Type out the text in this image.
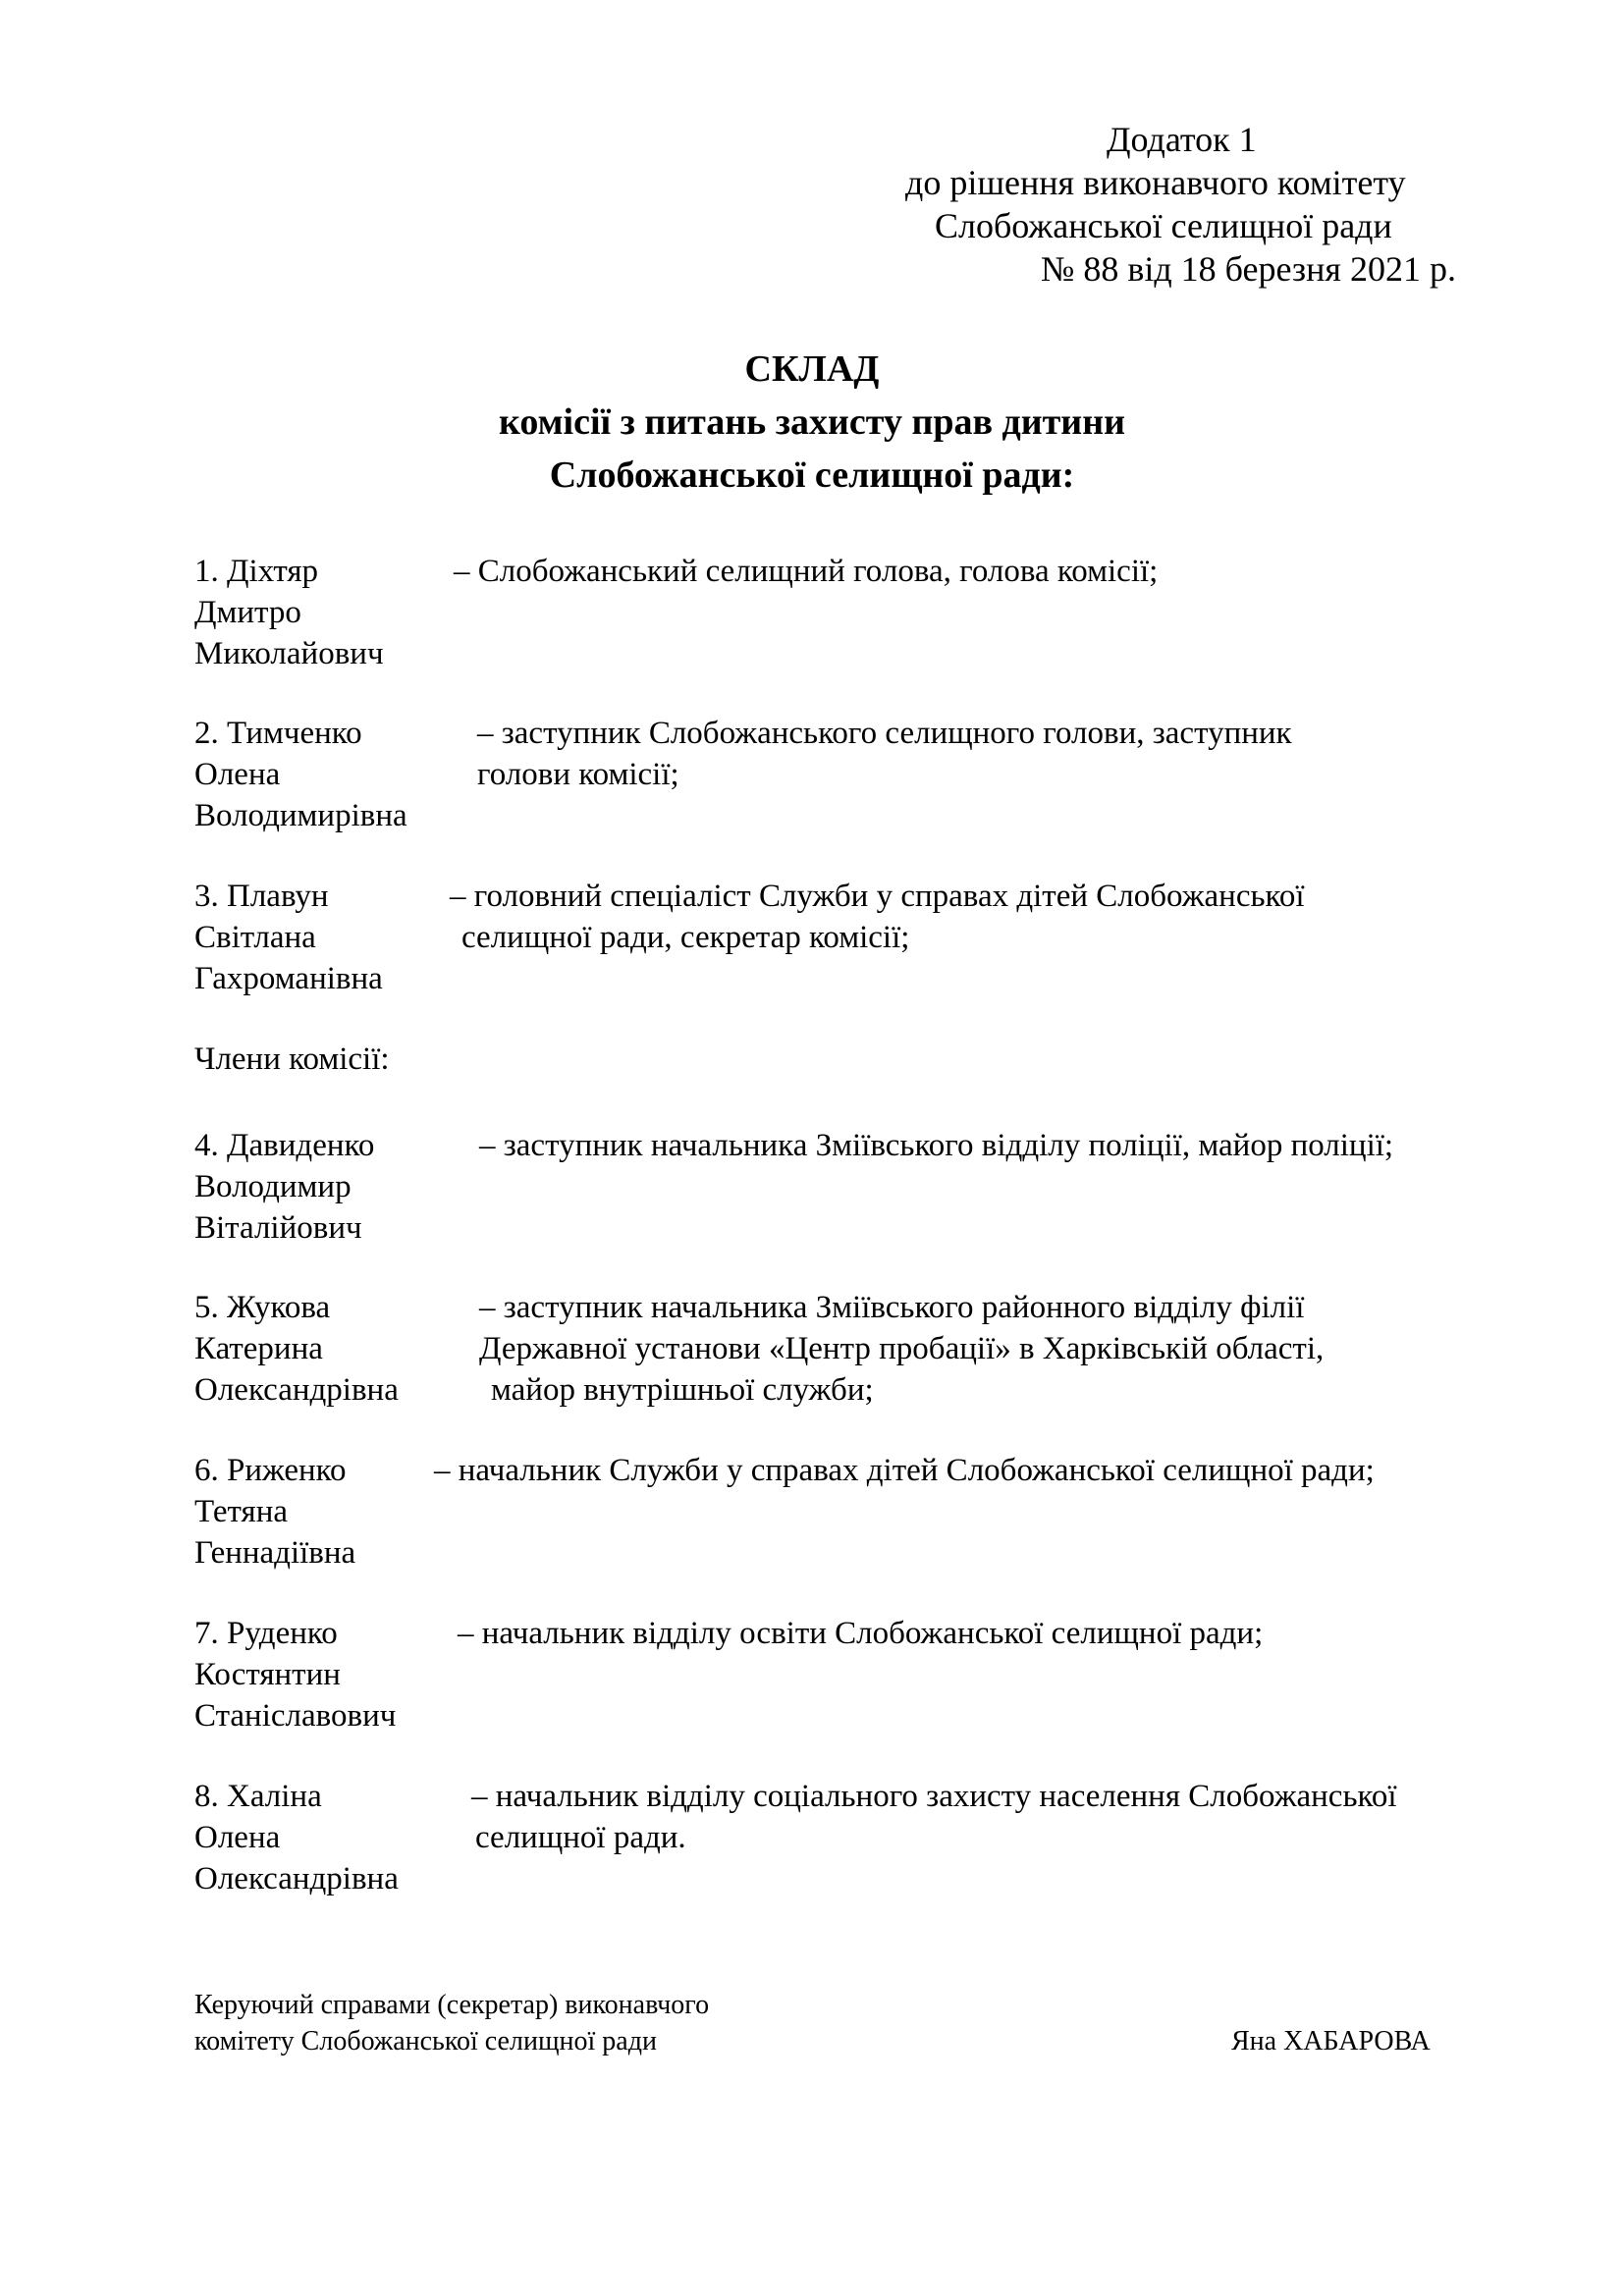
Додаток 1
до рішення виконавчого комітету
Слобожанської селищної ради
№ 88 від 18 березня 2021 р.
СКЛАД
комісії з питань захисту прав дитини
Слобожанської селищної ради:
1. Діхтяр
Дмитро
Миколайович
– Слобожанський селищний голова, голова комісії;
2. Тимченко
Олена
Володимирівна
– заступник Слобожанського селищного голови, заступник
голови комісії;
3. Плавун
Світлана
Гахроманівна
– головний спеціаліст Служби у справах дітей Слобожанської
селищної ради, секретар комісії;
Члени комісії:
4. Давиденко
Володимир
Віталійович
– заступник начальника Зміївського відділу поліції, майор поліції;
5. Жукова
Катерина
Олександрівна
– заступник начальника Зміївського районного відділу філії
Державної установи «Центр пробації» в Харківській області,
майор внутрішньої служби;
6. Риженко
Тетяна
Геннадіївна
– начальник Служби у справах дітей Слобожанської селищної ради;
7. Руденко
Костянтин
Станіславович
– начальник відділу освіти Слобожанської селищної ради;
8. Халіна
Олена
Олександрівна
– начальник відділу соціального захисту населення Слобожанської
селищної ради.
Керуючий справами (секретар) виконавчого
комітету Слобожанської селищної ради	Яна ХАБАРОВА
